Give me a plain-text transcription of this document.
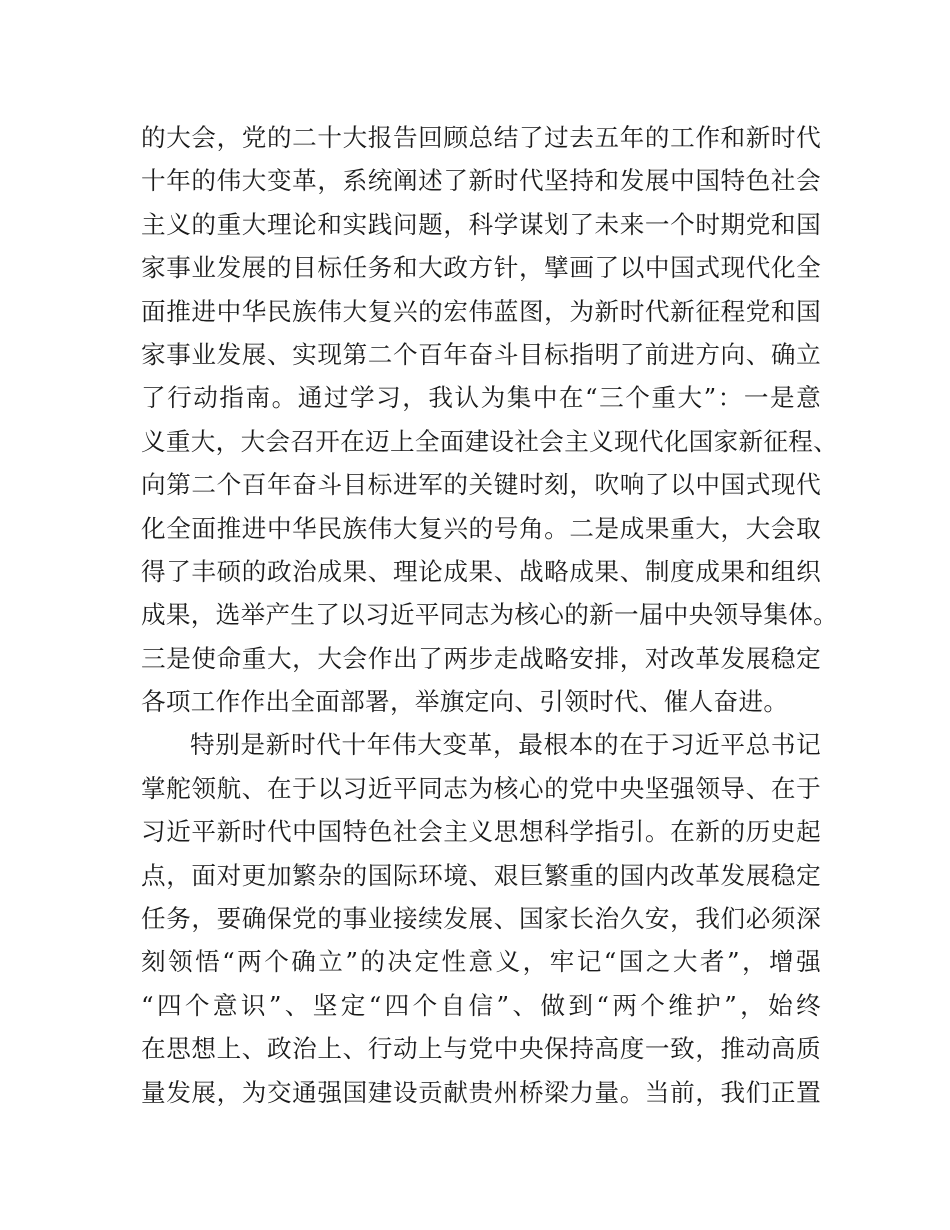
的大会，党的二十大报告回顾总结了过去五年的工作和新时代
十年的伟大变革，系统阐述了新时代坚持和发展中国特色社会
主义的重大理论和实践问题，科学谋划了未来一个时期党和国
家事业发展的目标任务和大政方针，擘画了以中国式现代化全
面推进中华民族伟大复兴的宏伟蓝图，为新时代新征程党和国
家事业发展、实现第二个百年奋斗目标指明了前进方向、确立
了行动指南。通过学习，我认为集中在“三个重大”：一是意
义重大，大会召开在迈上全面建设社会主义现代化国家新征程、
向第二个百年奋斗目标进军的关键时刻，吹响了以中国式现代
化全面推进中华民族伟大复兴的号角。二是成果重大，大会取
得了丰硕的政治成果、理论成果、战略成果、制度成果和组织
成果，选举产生了以习近平同志为核心的新一届中央领导集体。
三是使命重大，大会作出了两步走战略安排，对改革发展稳定
各项工作作出全面部署，举旗定向、引领时代、催人奋进。
特别是新时代十年伟大变革，最根本的在于习近平总书记
掌舵领航、在于以习近平同志为核心的党中央坚强领导、在于
习近平新时代中国特色社会主义思想科学指引。在新的历史起
点，面对更加繁杂的国际环境、艰巨繁重的国内改革发展稳定
任务，要确保党的事业接续发展、国家长治久安，我们必须深
刻领悟“两个确立”的决定性意义，牢记“国之大者”，增强
“四个意识”、坚定“四个自信”、做到“两个维护”，始终
在思想上、政治上、行动上与党中央保持高度一致，推动高质
量发展，为交通强国建设贡献贵州桥梁力量。当前，我们正置
